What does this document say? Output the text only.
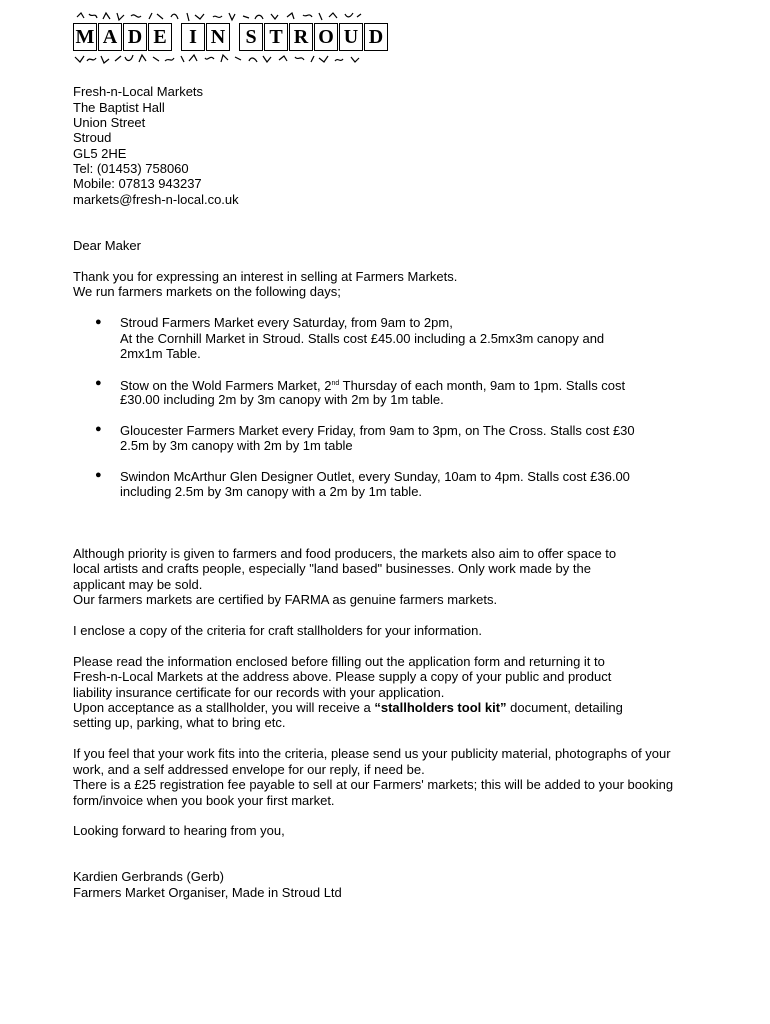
M A D E	I N	S T R O U D
Fresh-n-Local Markets
The Baptist Hall
Union Street
Stroud
GL5 2HE
Tel: (01453) 758060
Mobile: 07813 943237
markets@fresh-n-local.co.uk
Dear Maker
Thank you for expressing an interest in selling at Farmers Markets.
We run farmers markets on the following days;
● Stroud Farmers Market every Saturday, from 9am to 2pm,
At the Cornhill Market in Stroud. Stalls cost £45.00 including a 2.5mx3m canopy and
2mx1m Table.
● Stow on the Wold Farmers Market, 2nd Thursday of each month, 9am to 1pm. Stalls cost
£30.00 including 2m by 3m canopy with 2m by 1m table.
● Gloucester Farmers Market every Friday, from 9am to 3pm, on The Cross. Stalls cost £30
2.5m by 3m canopy with 2m by 1m table
● Swindon McArthur Glen Designer Outlet, every Sunday, 10am to 4pm. Stalls cost £36.00
including 2.5m by 3m canopy with a 2m by 1m table.
Although priority is given to farmers and food producers, the markets also aim to offer space to
local artists and crafts people, especially "land based" businesses. Only work made by the
applicant may be sold.
Our farmers markets are certified by FARMA as genuine farmers markets.
I enclose a copy of the criteria for craft stallholders for your information.
Please read the information enclosed before filling out the application form and returning it to
Fresh-n-Local Markets at the address above. Please supply a copy of your public and product
liability insurance certificate for our records with your application.
Upon acceptance as a stallholder, you will receive a “stallholders tool kit” document, detailing
setting up, parking, what to bring etc.
If you feel that your work fits into the criteria, please send us your publicity material, photographs of your
work, and a self addressed envelope for our reply, if need be.
There is a £25 registration fee payable to sell at our Farmers' markets; this will be added to your booking
form/invoice when you book your first market.
Looking forward to hearing from you,
Kardien Gerbrands (Gerb)
Farmers Market Organiser, Made in Stroud Ltd
